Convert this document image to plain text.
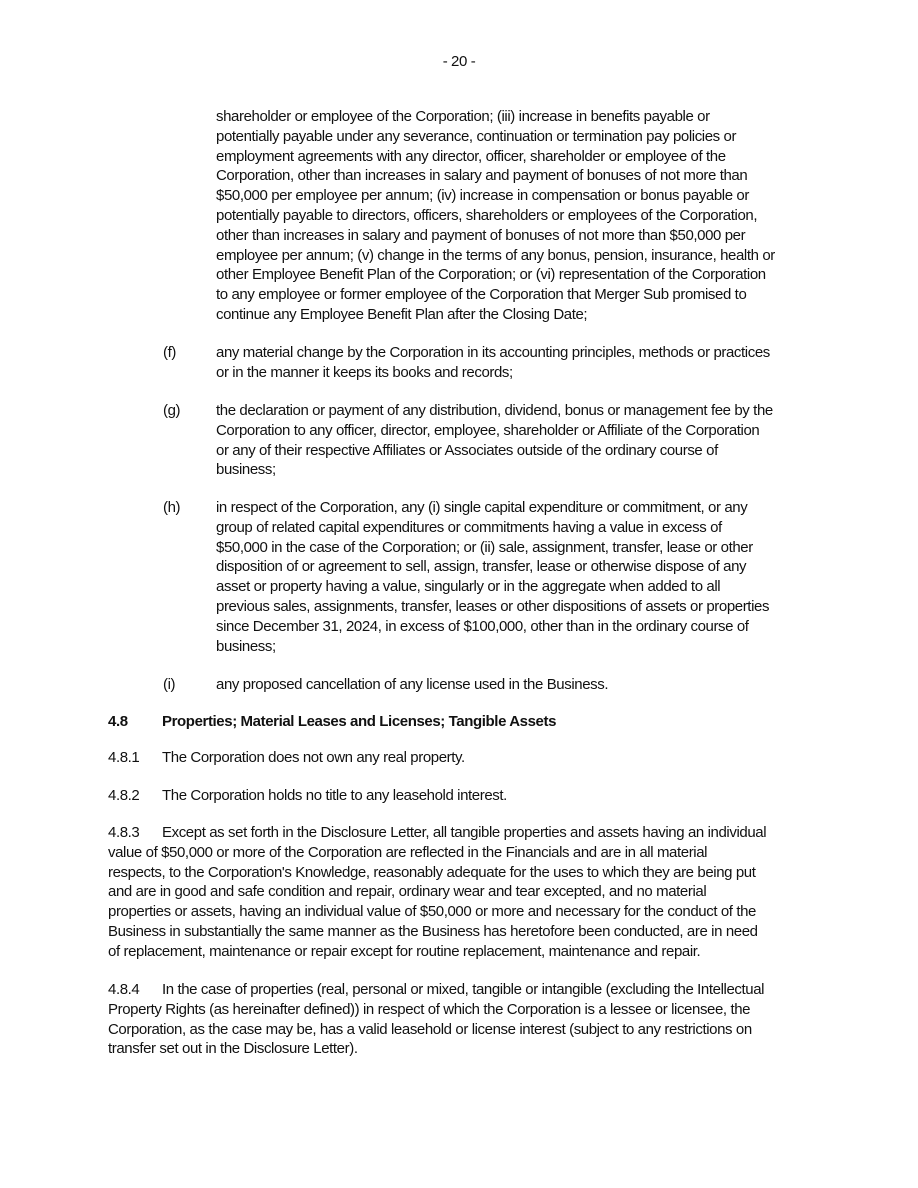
- 20 -
shareholder or employee of the Corporation; (iii) increase in benefits payable or
potentially payable under any severance, continuation or termination pay policies or
employment agreements with any director, officer, shareholder or employee of the
Corporation, other than increases in salary and payment of bonuses of not more than
$50,000 per employee per annum; (iv) increase in compensation or bonus payable or
potentially payable to directors, officers, shareholders or employees of the Corporation,
other than increases in salary and payment of bonuses of not more than $50,000 per
employee per annum; (v) change in the terms of any bonus, pension, insurance, health or
other Employee Benefit Plan of the Corporation; or (vi) representation of the Corporation
to any employee or former employee of the Corporation that Merger Sub promised to
continue any Employee Benefit Plan after the Closing Date;
(f)	any material change by the Corporation in its accounting principles, methods or practices
or in the manner it keeps its books and records;
(g) the declaration or payment of any distribution, dividend, bonus or management fee by the
Corporation to any officer, director, employee, shareholder or Affiliate of the Corporation
or any of their respective Affiliates or Associates outside of the ordinary course of
business;
(h) in respect of the Corporation, any (i) single capital expenditure or commitment, or any
group of related capital expenditures or commitments having a value in excess of
$50,000 in the case of the Corporation; or (ii) sale, assignment, transfer, lease or other
disposition of or agreement to sell, assign, transfer, lease or otherwise dispose of any
asset or property having a value, singularly or in the aggregate when added to all
previous sales, assignments, transfer, leases or other dispositions of assets or properties
since December 31, 2024, in excess of $100,000, other than in the ordinary course of
business;
(i)	any proposed cancellation of any license used in the Business.
4.8 Properties; Material Leases and Licenses; Tangible Assets
4.8.1 The Corporation does not own any real property.
4.8.2 The Corporation holds no title to any leasehold interest.
4.8.3 Except as set forth in the Disclosure Letter, all tangible properties and assets having an individual
value of $50,000 or more of the Corporation are reflected in the Financials and are in all material
respects, to the Corporation's Knowledge, reasonably adequate for the uses to which they are being put
and are in good and safe condition and repair, ordinary wear and tear excepted, and no material
properties or assets, having an individual value of $50,000 or more and necessary for the conduct of the
Business in substantially the same manner as the Business has heretofore been conducted, are in need
of replacement, maintenance or repair except for routine replacement, maintenance and repair.
4.8.4 In the case of properties (real, personal or mixed, tangible or intangible (excluding the Intellectual
Property Rights (as hereinafter defined)) in respect of which the Corporation is a lessee or licensee, the
Corporation, as the case may be, has a valid leasehold or license interest (subject to any restrictions on
transfer set out in the Disclosure Letter).
